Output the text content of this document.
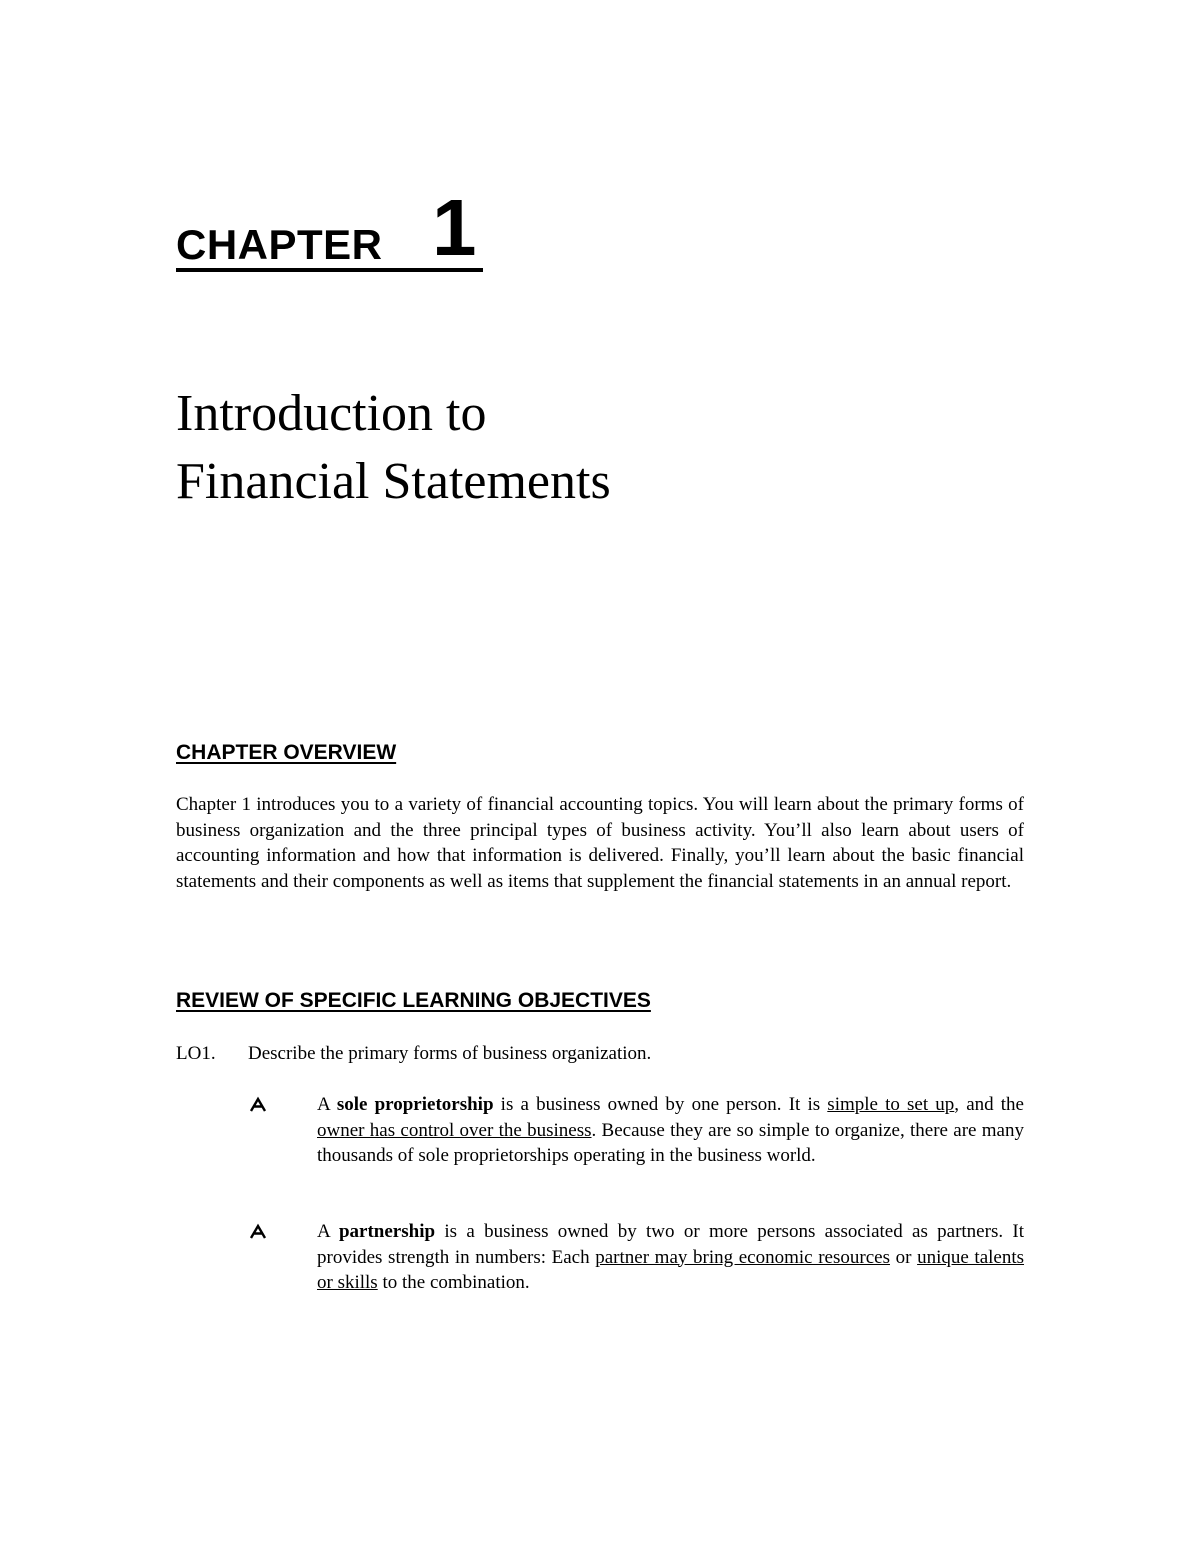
CHAPTER 1
Introduction to
Financial Statements
CHAPTER OVERVIEW

Chapter 1 introduces you to a variety of financial accounting topics. You will learn about the primary forms of business organization and the three principal types of business activity. You’ll also learn about users of accounting information and how that information is delivered. Finally, you’ll learn about the basic financial statements and their components as well as items that supplement the financial statements in an annual report.

REVIEW OF SPECIFIC LEARNING OBJECTIVES
LO1. Describe the primary forms of business organization.

A sole proprietorship is a business owned by one person. It is simple to set up, and the owner has control over the business. Because they are so simple to organize, there are many thousands of sole proprietorships operating in the business world.

A partnership is a business owned by two or more persons associated as partners. It provides strength in numbers: Each partner may bring economic resources or unique talents or skills to the combination.
